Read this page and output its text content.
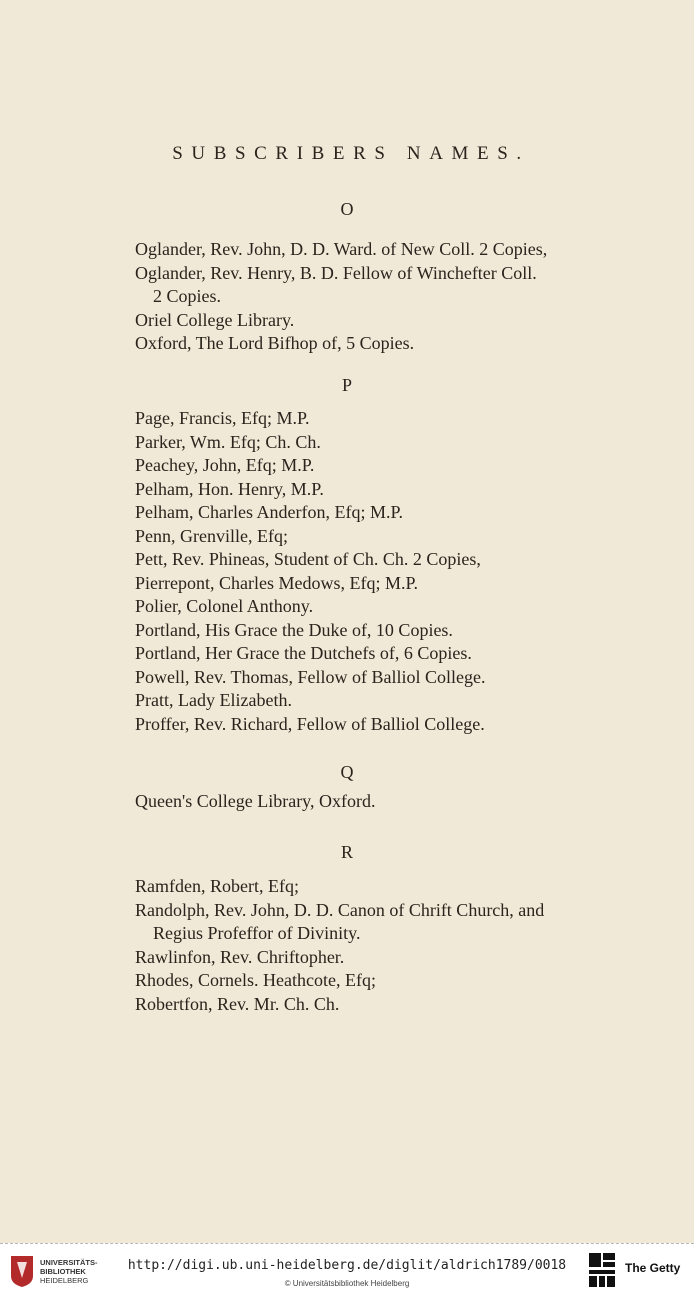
SUBSCRIBERS NAMES.
O
Oglander, Rev. John, D. D. Ward. of New Coll. 2 Copies,
Oglander, Rev. Henry, B. D. Fellow of Winchefter Coll.
2 Copies.
Oriel College Library.
Oxford, The Lord Bifhop of, 5 Copies.
P
Page, Francis, Efq; M.P.
Parker, Wm. Efq; Ch. Ch.
Peachey, John, Efq; M.P.
Pelham, Hon. Henry, M.P.
Pelham, Charles Anderfon, Efq; M.P.
Penn, Grenville, Efq;
Pett, Rev. Phineas, Student of Ch. Ch. 2 Copies,
Pierrepont, Charles Medows, Efq; M.P.
Polier, Colonel Anthony.
Portland, His Grace the Duke of, 10 Copies.
Portland, Her Grace the Dutchefs of, 6 Copies.
Powell, Rev. Thomas, Fellow of Balliol College.
Pratt, Lady Elizabeth.
Proffer, Rev. Richard, Fellow of Balliol College.
Q
Queen's College Library, Oxford.
R
Ramfden, Robert, Efq;
Randolph, Rev. John, D. D. Canon of Chrift Church, and
Regius Profeffor of Divinity.
Rawlinfon, Rev. Chriftopher.
Rhodes, Cornels. Heathcote, Efq;
Robertfon, Rev. Mr. Ch. Ch.
UNIVERSITÄTS-
BIBLIOTHEK
HEIDELBERG
http://digi.ub.uni-heidelberg.de/diglit/aldrich1789/0018
© Universitätsbibliothek Heidelberg
The Getty
